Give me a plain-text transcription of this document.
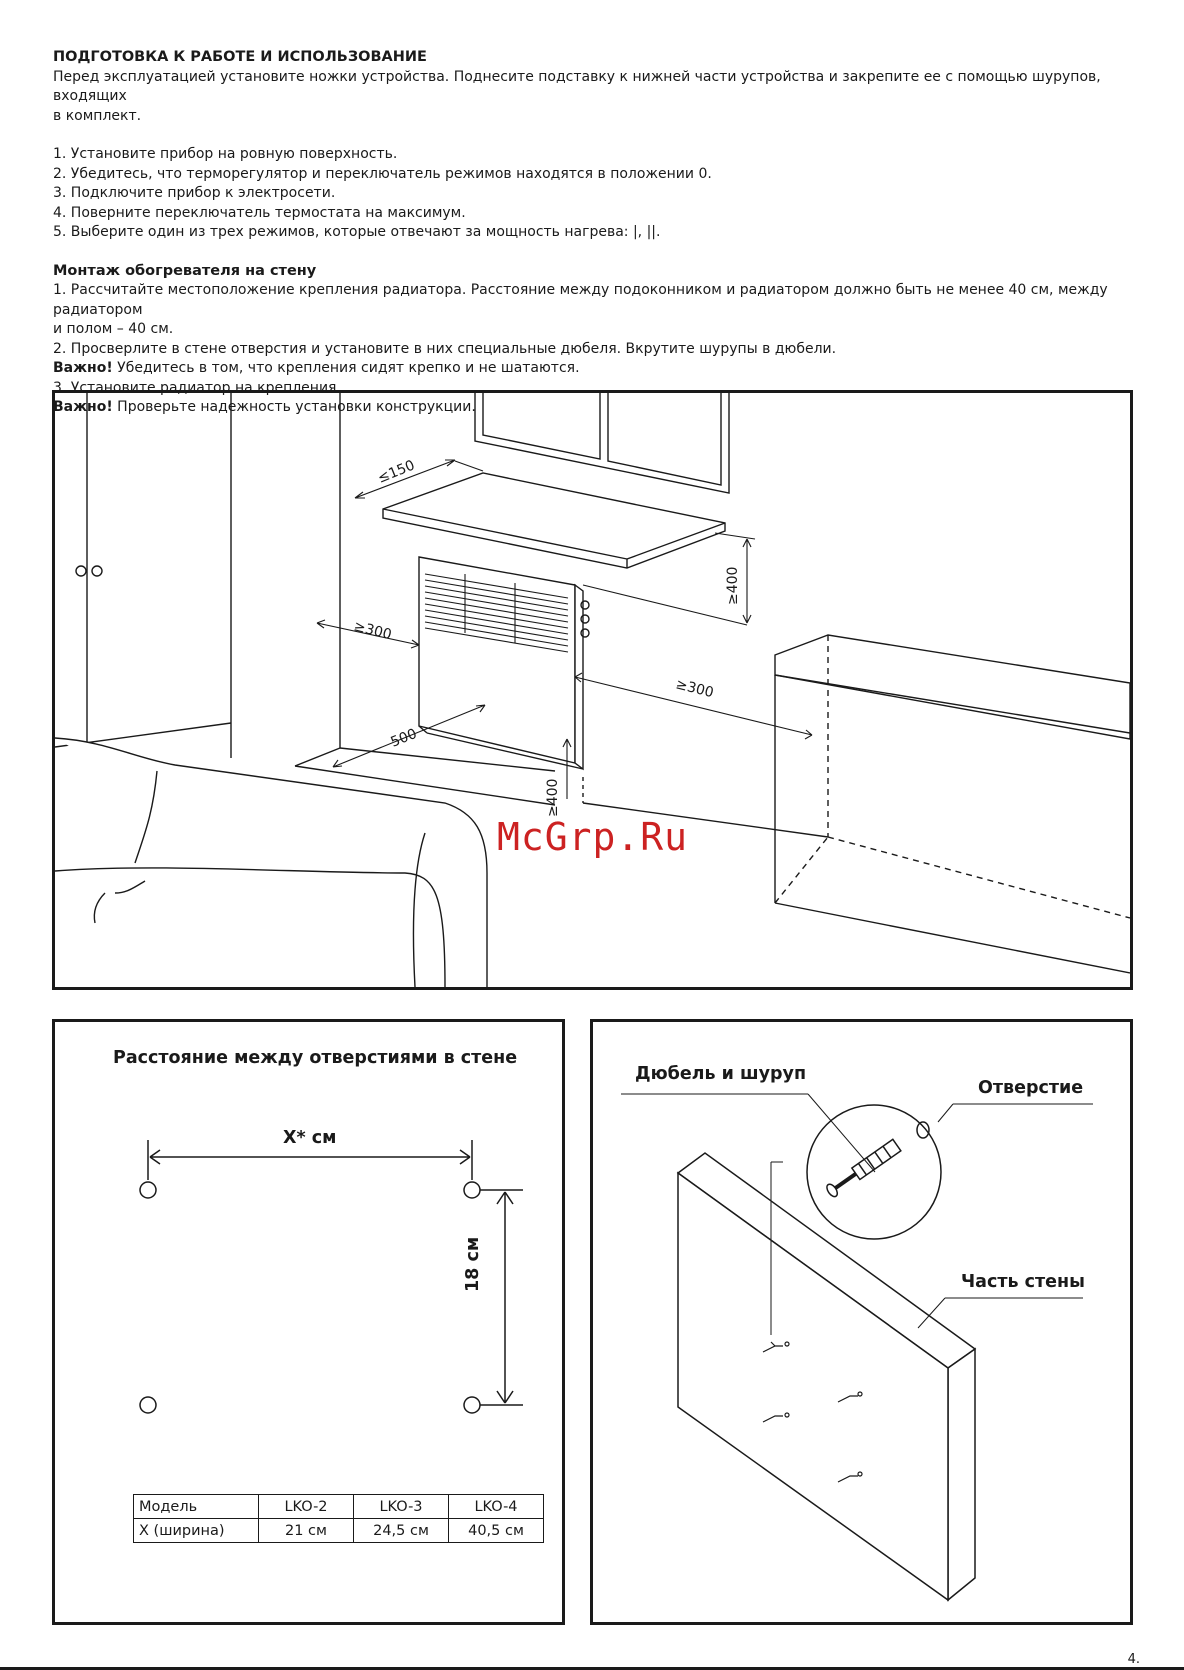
ПОДГОТОВКА К РАБОТЕ И ИСПОЛЬЗОВАНИЕ

Перед эксплуатацией установите ножки устройства. Поднесите подставку к нижней части устройства и закрепите ее с помощью шурупов, входящих

в комплект.

1. Установите прибор на ровную поверхность.

2. Убедитесь, что терморегулятор и переключатель режимов находятся в положении 0.

3. Подключите прибор к электросети.

4. Поверните переключатель термостата на максимум.

5. Выберите один из трех режимов, которые отвечают за мощность нагрева: |, ||.

Монтаж обогревателя на стену

1. Рассчитайте местоположение крепления радиатора. Расстояние между подоконником и радиатором должно быть не менее 40 см, между радиатором

и полом – 40 см.

2. Просверлите в стене отверстия и установите в них специальные дюбеля. Вкрутите шурупы в дюбели.

Важно! Убедитесь в том, что крепления сидят крепко и не шатаются.

3. Установите радиатор на крепления.

Важно! Проверьте надежность установки конструкции.

≤150
≥400
≥300
≥300
500
≥400
McGrp.Ru
Расстояние между отверстиями в стене
X* см
18 см
Модель	LKO-2	LKO-3	LKO-4
X (ширина)	21 см	24,5 см	40,5 см
Дюбель и шуруп
Отверстие
Часть стены
4.
